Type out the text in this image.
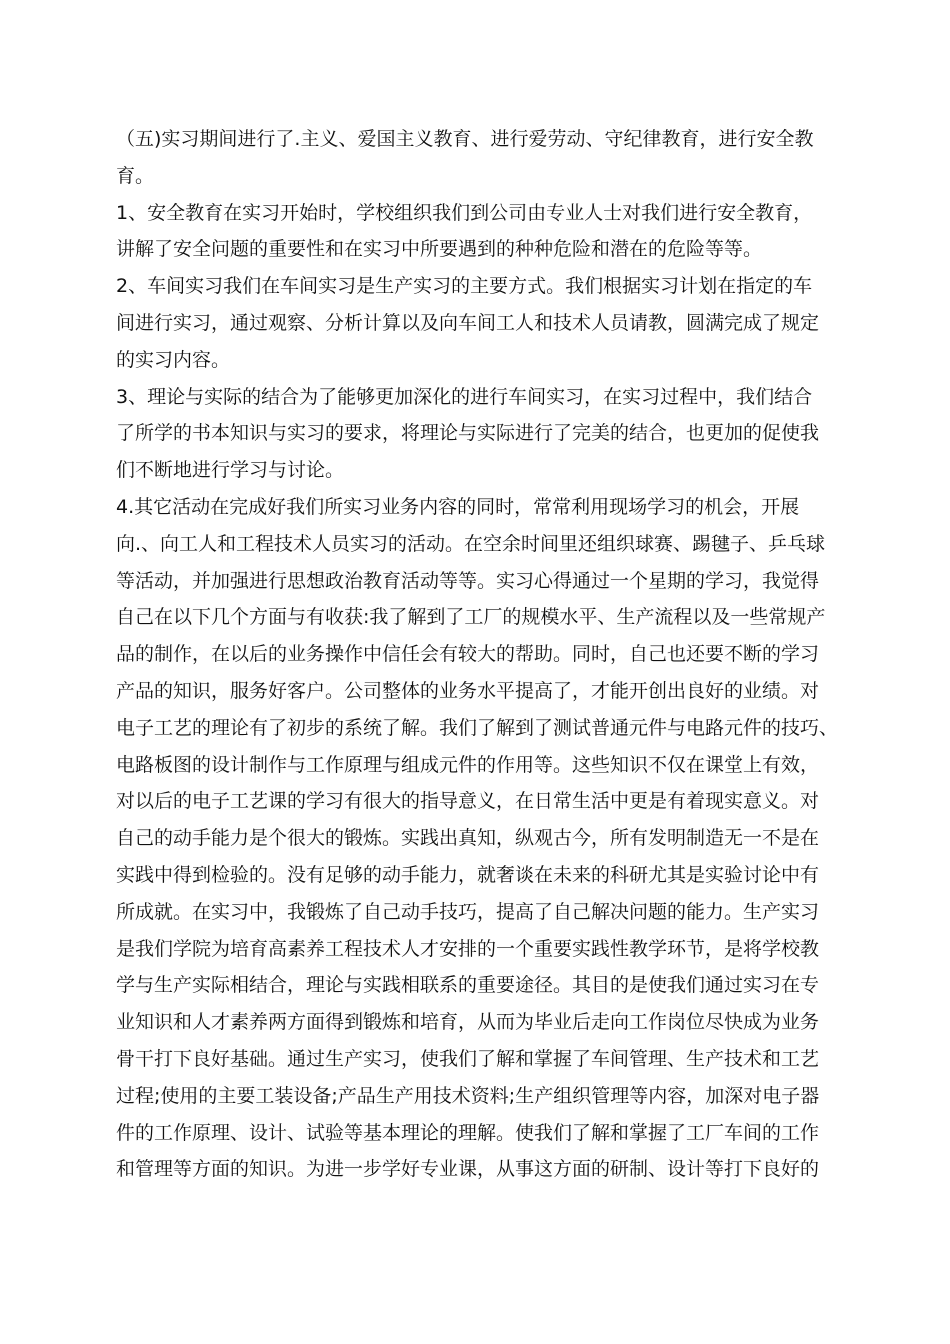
（五)实习期间进行了.主义、爱国主义教育、进行爱劳动、守纪律教育，进行安全教
育。

1、安全教育在实习开始时，学校组织我们到公司由专业人士对我们进行安全教育，
讲解了安全问题的重要性和在实习中所要遇到的种种危险和潜在的危险等等。

2、车间实习我们在车间实习是生产实习的主要方式。我们根据实习计划在指定的车
间进行实习，通过观察、分析计算以及向车间工人和技术人员请教，圆满完成了规定
的实习内容。

3、理论与实际的结合为了能够更加深化的进行车间实习，在实习过程中，我们结合
了所学的书本知识与实习的要求，将理论与实际进行了完美的结合，也更加的促使我
们不断地进行学习与讨论。

4.其它活动在完成好我们所实习业务内容的同时，常常利用现场学习的机会，开展
向.、向工人和工程技术人员实习的活动。在空余时间里还组织球赛、踢毽子、乒乓球
等活动，并加强进行思想政治教育活动等等。实习心得通过一个星期的学习，我觉得
自己在以下几个方面与有收获:我了解到了工厂的规模水平、生产流程以及一些常规产
品的制作，在以后的业务操作中信任会有较大的帮助。同时，自己也还要不断的学习
产品的知识，服务好客户。公司整体的业务水平提高了，才能开创出良好的业绩。对
电子工艺的理论有了初步的系统了解。我们了解到了测试普通元件与电路元件的技巧、
电路板图的设计制作与工作原理与组成元件的作用等。这些知识不仅在课堂上有效，
对以后的电子工艺课的学习有很大的指导意义，在日常生活中更是有着现实意义。对
自己的动手能力是个很大的锻炼。实践出真知，纵观古今，所有发明制造无一不是在
实践中得到检验的。没有足够的动手能力，就奢谈在未来的科研尤其是实验讨论中有
所成就。在实习中，我锻炼了自己动手技巧，提高了自己解决问题的能力。生产实习
是我们学院为培育高素养工程技术人才安排的一个重要实践性教学环节，是将学校教
学与生产实际相结合，理论与实践相联系的重要途径。其目的是使我们通过实习在专
业知识和人才素养两方面得到锻炼和培育，从而为毕业后走向工作岗位尽快成为业务
骨干打下良好基础。通过生产实习，使我们了解和掌握了车间管理、生产技术和工艺
过程;使用的主要工装设备;产品生产用技术资料;生产组织管理等内容，加深对电子器
件的工作原理、设计、试验等基本理论的理解。使我们了解和掌握了工厂车间的工作
和管理等方面的知识。为进一步学好专业课，从事这方面的研制、设计等打下良好的
